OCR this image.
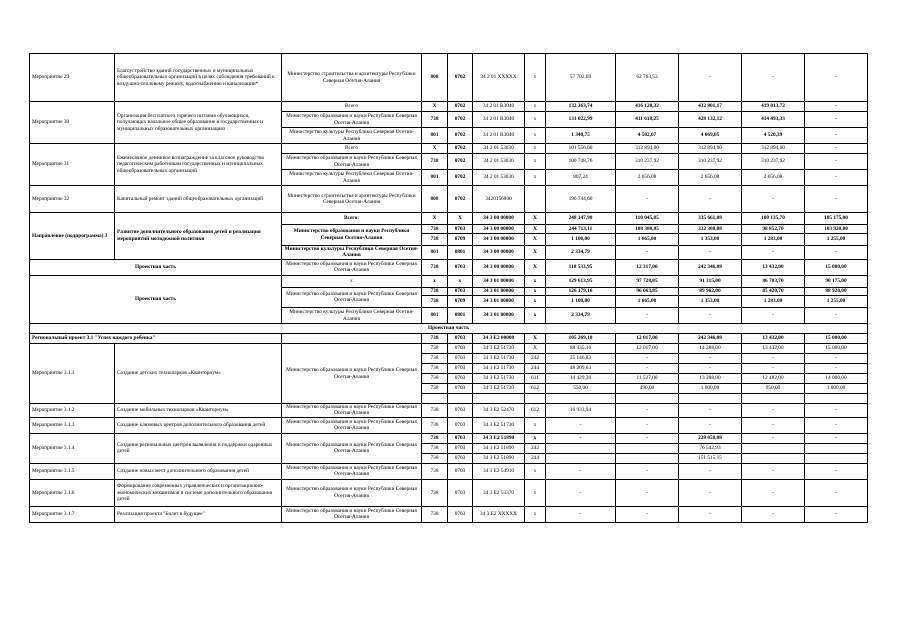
Мероприятие 29	Благоустройство зданий государственных и муниципальных общеобразовательных организаций в целях соблюдения требований к воздушно-тепловому режиму, водоснабжению и канализации*	Министерство строительства и архитектуры Республики Северная Осетия-Алания	808	0702	34 2 01 XXXXX	x	57 702,69	62 763,53	-	-	-
Мероприятие 30	Организация бесплатного горячего питания обучающихся, получающих начальное общее образование в государственных и муниципальных образовательных организациях	Всего	X	0702	34 2 01 R3040	x	132 363,74	416 120,32	432 801,17	419 013,72	-
		Министерство образования и науки Республики Северная Осетия-Алания	738	0702	34 2 01 R3040	x	131 022,99	411 618,25	428 132,12	414 493,33	-
		Министерство культуры Республики Северная Осетия-Алания	801	0702	34 2 01 R3040	x	1 340,75	4 502,07	4 669,05	4 520,39	-
Мероприятие 31	Ежемесячное денежное вознаграждение за классное руководство педагогическим работникам государственных и муниципальных общеобразовательных организаций	Всего	X	0702	34 2 01 53030	x	101 556,00	312 894,00	312 894,00	312 894,00	-
		Министерство образования и науки Республики Северная Осетия-Алания	738	0702	34 2 01 53030	x	100 748,76	310 237,92	310 237,92	310 237,92	-
		Министерство культуры Республики Северная Осетия-Алания	801	0702	34 2 01 53030	x	807,24	2 656,08	2 656,08	2 656,08	-
Мероприятие 32	Капитальный ремонт зданий общеобразовательных организаций	Министерство строительства и архитектуры Республики Северная Осетия-Алания	808	0702	3420156800		196 744,60	-	-	-	-
Направление (подпрограмма) 3	Развитие дополнительного образования детей и реализация мероприятий молодежной политики	Всего:	X	X	34 3 00 00000	X	248 147,90	110 045,85	335 661,08	100 135,70	105 175,00
		Министерство образования и науки Республики Северная Осетия-Алания	738	0703	34 3 00 00000	X	244 713,11	108 380,85	332 308,08	98 852,70	103 920,00
			738	0709	34 3 00 00000	X	1 100,00	1 665,00	1 353,00	1 283,00	1 255,00
		Министерство культуры Республики Северная Осетия-Алания	801	0801	34 3 00 00000	X	2 334,79	-	-	-	-
Проектная часть		Министерство образования и науки Республики Северная Осетия-Алания	738	0703	34 3 00 00000	X	118 533,95	12 317,00	242 346,08	13 432,00	15 000,00
Проектная часть		x	x	x	34 3 01 00000	x	129 613,95	97 728,85	91 315,00	86 703,70	90 175,00
		Министерство образования и науки Республики Северная Осетия-Алания	738	0703	34 3 01 00000	x	126 179,16	96 063,85	89 962,00	85 420,70	88 920,00
			738	0709	34 3 01 00000	x	1 100,00	1 665,00	1 353,00	1 283,00	1 255,00
		Министерство культуры Республики Северная Осетия-Алания	801	0801	34 3 01 00000	x	2 334,79	-	-	-	-
Проектная часть											
Региональный проект 3.1 "Успех каждого ребенка"			738	0703	34 3 E2 00000	X	105 269,10	12 017,00	242 346,08	13 432,00	15 000,00
Мероприятие 3.1.1	Создание детских технопарков «Кванториум»	Министерство образования и науки Республики Северная Осетия-Алания	738	0703	34 3 E2 51730	X	88 335,16	12 017,00	14 288,00	13 432,00	15 000,00
			738	0703	34 3 E2 51730	242	25 146,83	-	-	-	-
			738	0703	34 3 E2 51730	244	48 209,63	-	-	-	-
			738	0703	34 3 E2 51730	611	14 429,30	11 527,00	13 288,00	12 482,00	14 000,00
			738	0703	34 3 E2 51730	612	550,00	490,00	1 000,00	950,00	1 000,00

Мероприятие 3.1.2	Создание мобильных технопарков «Кванториум»	Министерство образования и науки Республики Северная Осетия-Алания	738	0703	34 3 E2 52470	612	16 933,94	-	-	-	-
Мероприятие 3.1.3	Создание ключевых центров дополнительного образования детей	Министерство образования и науки Республики Северная Осетия-Алания	738	0703	34 3 E2 51730	x	-	-	-	-	-
Мероприятие 3.1.4	Создание региональных центров выявления и поддержки одаренных детей	Министерство образования и науки Республики Северная Осетия-Алания	738	0703	34 3 E2 51890	x	-	-	228 058,08	-	-
			738	0703	34 3 E2 51890	242			76 542,93		
			738	0703	34 3 E2 51890	244			151 515,15		
Мероприятие 3.1.5	Создание новых мест дополнительного образования детей	Министерство образования и науки Республики Северная Осетия-Алания	738	0703	34 3 E2 54910	x	-	-	-	-	-
Мероприятие 3.1.6	Формирование современных управленческих и организационно-экономических механизмов в системе дополнительного образования детей	Министерство образования и науки Республики Северная Осетия-Алания	738	0703	34 3 E2 53370	x	-	-	-	-	-
Мероприятие 3.1.7	Реализация проекта "Билет в будущее"	Министерство образования и науки Республики Северная Осетия-Алания	738	0703	34 3 E2 XXXXX	x	-	-	-	-	-
